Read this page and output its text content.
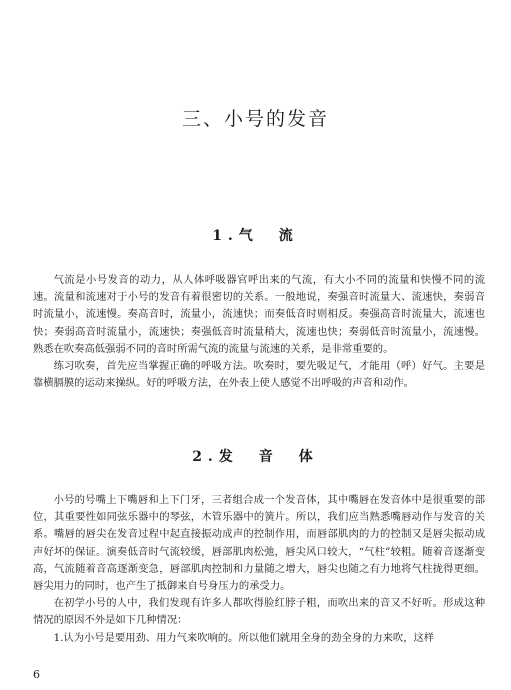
三、小号的发音
1.气　流

气流是小号发音的动力，从人体呼吸器官呼出来的气流，有大小不同的流量和快慢不同的流速。流量和流速对于小号的发音有着很密切的关系。一般地说，奏强音时流量大、流速快，奏弱音时流量小，流速慢。奏高音时，流量小，流速快；而奏低音时则相反。奏强高音时流量大，流速也快；奏弱高音时流量小，流速快；奏强低音时流量稍大，流速也快；奏弱低音时流量小，流速慢。熟悉在吹奏高低强弱不同的音时所需气流的流量与流速的关系，是非常重要的。

练习吹奏，首先应当掌握正确的呼吸方法。吹奏时，要先吸足气，才能用（呼）好气。主要是靠横膈膜的运动来操纵。好的呼吸方法，在外表上使人感觉不出呼吸的声音和动作。

2.发　音　体

小号的号嘴上下嘴唇和上下门牙，三者组合成一个发音体，其中嘴唇在发音体中是很重要的部位，其重要性如同弦乐器中的琴弦，木管乐器中的簧片。所以，我们应当熟悉嘴唇动作与发音的关系。嘴唇的唇尖在发音过程中起直接振动成声的控制作用，而唇部肌肉的力的控制又是唇尖振动成声好坏的保证。演奏低音时气流较缓，唇部肌肉松弛，唇尖风口较大，“气柱”较粗。随着音逐渐变高，气流随着音高逐渐变急，唇部肌肉控制和力量随之增大，唇尖也随之有力地将气柱拢得更细。唇尖用力的同时，也产生了抵御来自号身压力的承受力。

在初学小号的人中，我们发现有许多人都吹得脸红脖子粗，而吹出来的音又不好听。形成这种情况的原因不外是如下几种情况：

1.认为小号是要用劲、用力气来吹响的。所以他们就用全身的劲全身的力来吹，这样

6
